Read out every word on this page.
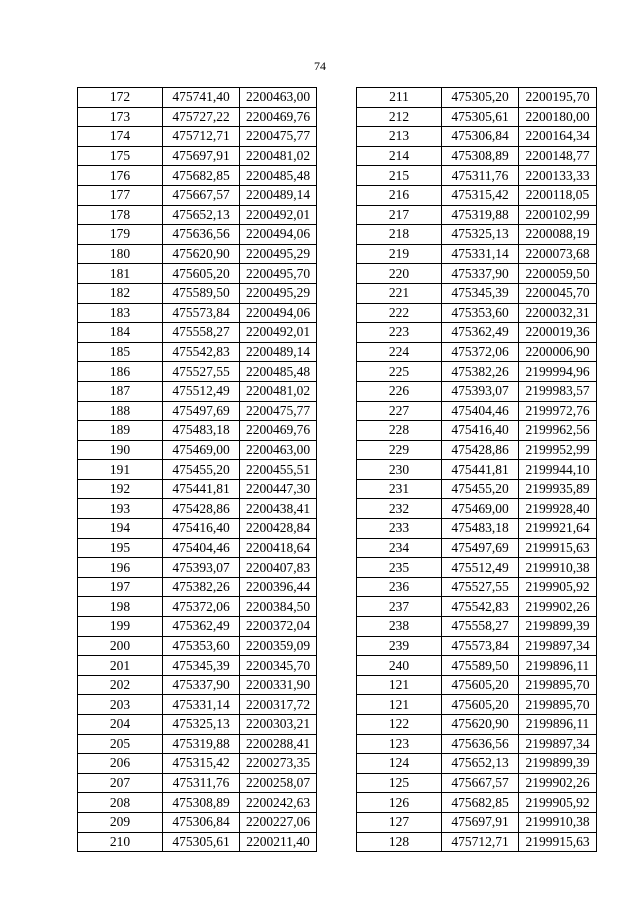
74
172	475741,40	2200463,00
173	475727,22	2200469,76
174	475712,71	2200475,77
175	475697,91	2200481,02
176	475682,85	2200485,48
177	475667,57	2200489,14
178	475652,13	2200492,01
179	475636,56	2200494,06
180	475620,90	2200495,29
181	475605,20	2200495,70
182	475589,50	2200495,29
183	475573,84	2200494,06
184	475558,27	2200492,01
185	475542,83	2200489,14
186	475527,55	2200485,48
187	475512,49	2200481,02
188	475497,69	2200475,77
189	475483,18	2200469,76
190	475469,00	2200463,00
191	475455,20	2200455,51
192	475441,81	2200447,30
193	475428,86	2200438,41
194	475416,40	2200428,84
195	475404,46	2200418,64
196	475393,07	2200407,83
197	475382,26	2200396,44
198	475372,06	2200384,50
199	475362,49	2200372,04
200	475353,60	2200359,09
201	475345,39	2200345,70
202	475337,90	2200331,90
203	475331,14	2200317,72
204	475325,13	2200303,21
205	475319,88	2200288,41
206	475315,42	2200273,35
207	475311,76	2200258,07
208	475308,89	2200242,63
209	475306,84	2200227,06
210	475305,61	2200211,40
211	475305,20	2200195,70
212	475305,61	2200180,00
213	475306,84	2200164,34
214	475308,89	2200148,77
215	475311,76	2200133,33
216	475315,42	2200118,05
217	475319,88	2200102,99
218	475325,13	2200088,19
219	475331,14	2200073,68
220	475337,90	2200059,50
221	475345,39	2200045,70
222	475353,60	2200032,31
223	475362,49	2200019,36
224	475372,06	2200006,90
225	475382,26	2199994,96
226	475393,07	2199983,57
227	475404,46	2199972,76
228	475416,40	2199962,56
229	475428,86	2199952,99
230	475441,81	2199944,10
231	475455,20	2199935,89
232	475469,00	2199928,40
233	475483,18	2199921,64
234	475497,69	2199915,63
235	475512,49	2199910,38
236	475527,55	2199905,92
237	475542,83	2199902,26
238	475558,27	2199899,39
239	475573,84	2199897,34
240	475589,50	2199896,11
121	475605,20	2199895,70
121	475605,20	2199895,70
122	475620,90	2199896,11
123	475636,56	2199897,34
124	475652,13	2199899,39
125	475667,57	2199902,26
126	475682,85	2199905,92
127	475697,91	2199910,38
128	475712,71	2199915,63
